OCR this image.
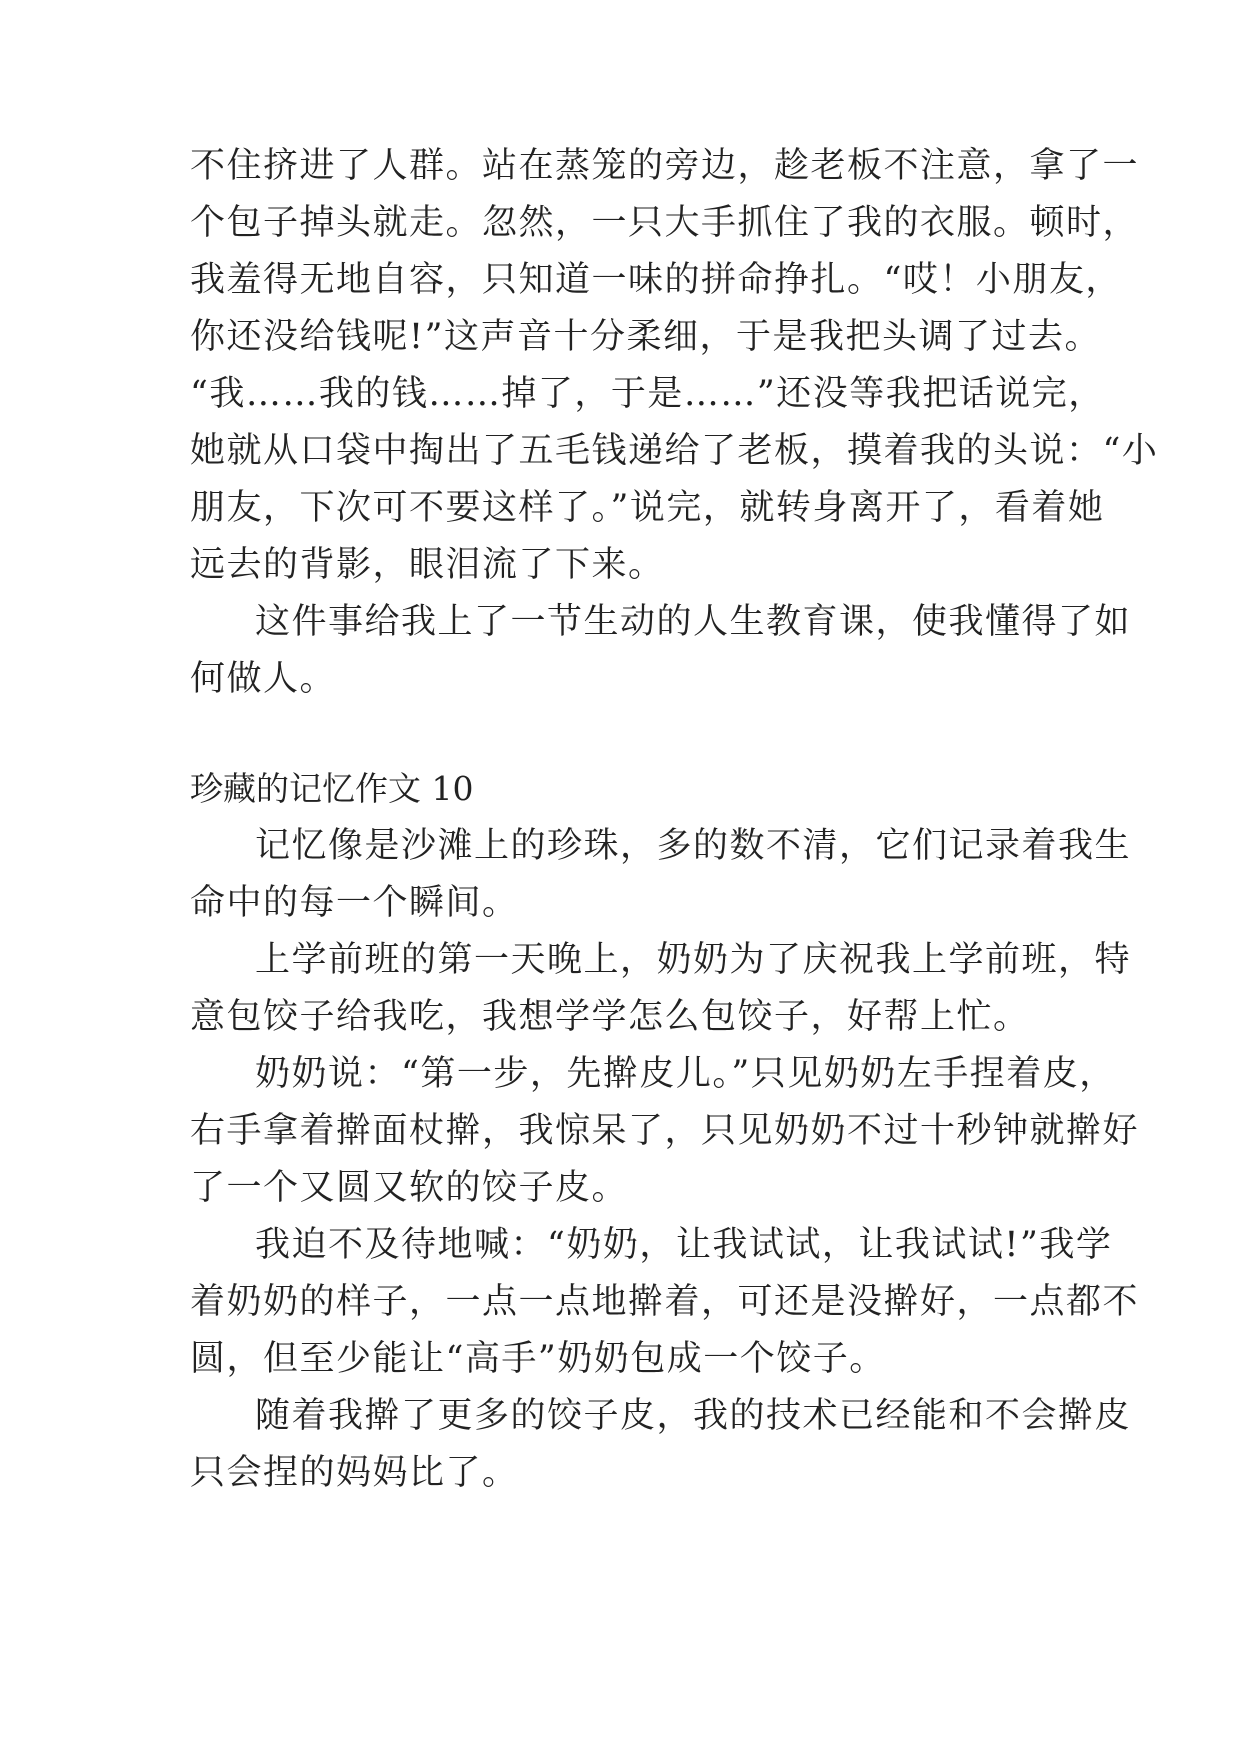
不住挤进了人群。站在蒸笼的旁边，趁老板不注意，拿了一
个包子掉头就走。忽然，一只大手抓住了我的衣服。顿时，
我羞得无地自容，只知道一味的拼命挣扎。“哎！小朋友，
你还没给钱呢!”这声音十分柔细，于是我把头调了过去。
“我……我的钱……掉了，于是……”还没等我把话说完，
她就从口袋中掏出了五毛钱递给了老板，摸着我的头说：“小
朋友，下次可不要这样了。”说完，就转身离开了，看着她
远去的背影，眼泪流了下来。
这件事给我上了一节生动的人生教育课，使我懂得了如
何做人。
珍藏的记忆作文 10
记忆像是沙滩上的珍珠，多的数不清，它们记录着我生
命中的每一个瞬间。
上学前班的第一天晚上，奶奶为了庆祝我上学前班，特
意包饺子给我吃，我想学学怎么包饺子，好帮上忙。
奶奶说：“第一步，先擀皮儿。”只见奶奶左手捏着皮，
右手拿着擀面杖擀，我惊呆了，只见奶奶不过十秒钟就擀好
了一个又圆又软的饺子皮。
我迫不及待地喊：“奶奶，让我试试，让我试试!”我学
着奶奶的样子，一点一点地擀着，可还是没擀好，一点都不
圆，但至少能让“高手”奶奶包成一个饺子。
随着我擀了更多的饺子皮，我的技术已经能和不会擀皮
只会捏的妈妈比了。
